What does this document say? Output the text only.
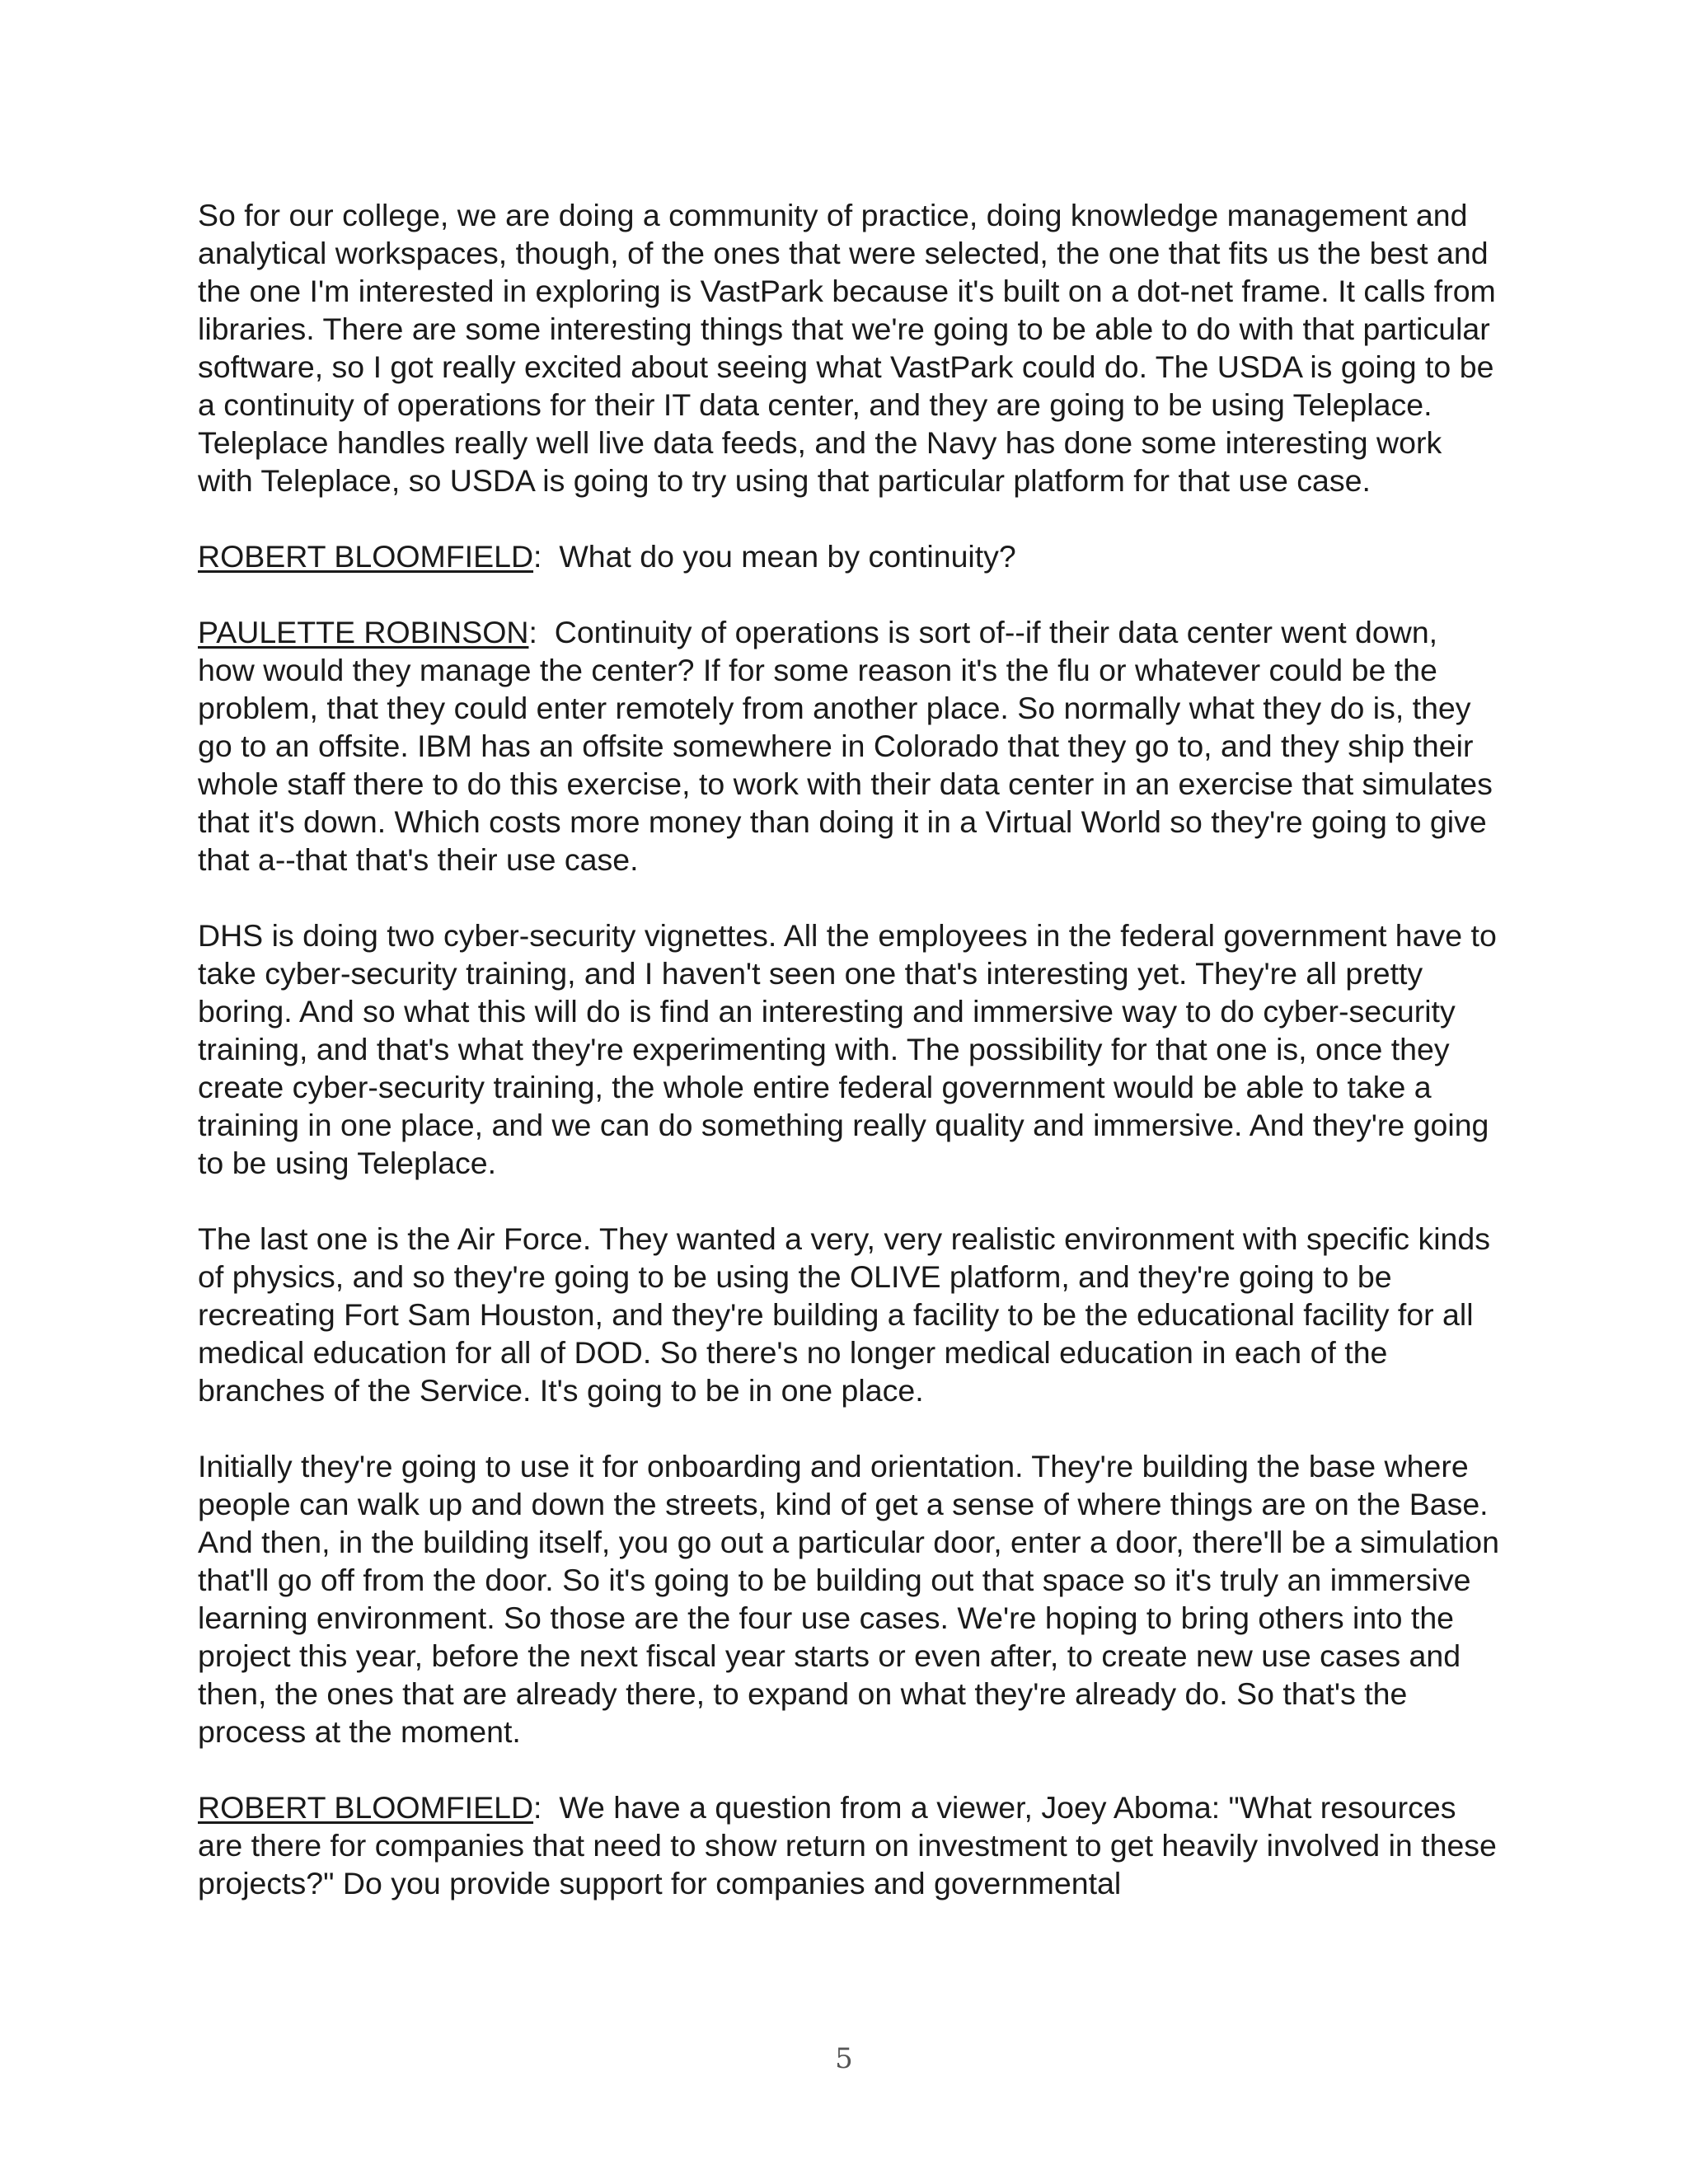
So for our college, we are doing a community of practice, doing knowledge management and analytical workspaces, though, of the ones that were selected, the one that fits us the best and the one I'm interested in exploring is VastPark because it's built on a dot-net frame. It calls from libraries. There are some interesting things that we're going to be able to do with that particular software, so I got really excited about seeing what VastPark could do. The USDA is going to be a continuity of operations for their IT data center, and they are going to be using Teleplace. Teleplace handles really well live data feeds, and the Navy has done some interesting work with Teleplace, so USDA is going to try using that particular platform for that use case.

ROBERT BLOOMFIELD:  What do you mean by continuity?

PAULETTE ROBINSON:  Continuity of operations is sort of--if their data center went down, how would they manage the center? If for some reason it's the flu or whatever could be the problem, that they could enter remotely from another place. So normally what they do is, they go to an offsite. IBM has an offsite somewhere in Colorado that they go to, and they ship their whole staff there to do this exercise, to work with their data center in an exercise that simulates that it's down. Which costs more money than doing it in a Virtual World so they're going to give that a--that that's their use case.

DHS is doing two cyber-security vignettes. All the employees in the federal government have to take cyber-security training, and I haven't seen one that's interesting yet. They're all pretty boring. And so what this will do is find an interesting and immersive way to do cyber-security training, and that's what they're experimenting with. The possibility for that one is, once they create cyber-security training, the whole entire federal government would be able to take a training in one place, and we can do something really quality and immersive. And they're going to be using Teleplace.

The last one is the Air Force. They wanted a very, very realistic environment with specific kinds of physics, and so they're going to be using the OLIVE platform, and they're going to be recreating Fort Sam Houston, and they're building a facility to be the educational facility for all medical education for all of DOD. So there's no longer medical education in each of the branches of the Service. It's going to be in one place.

Initially they're going to use it for onboarding and orientation. They're building the base where people can walk up and down the streets, kind of get a sense of where things are on the Base. And then, in the building itself, you go out a particular door, enter a door, there'll be a simulation that'll go off from the door. So it's going to be building out that space so it's truly an immersive learning environment. So those are the four use cases. We're hoping to bring others into the project this year, before the next fiscal year starts or even after, to create new use cases and then, the ones that are already there, to expand on what they're already do. So that's the process at the moment.

ROBERT BLOOMFIELD:  We have a question from a viewer, Joey Aboma: "What resources are there for companies that need to show return on investment to get heavily involved in these projects?" Do you provide support for companies and governmental

5
